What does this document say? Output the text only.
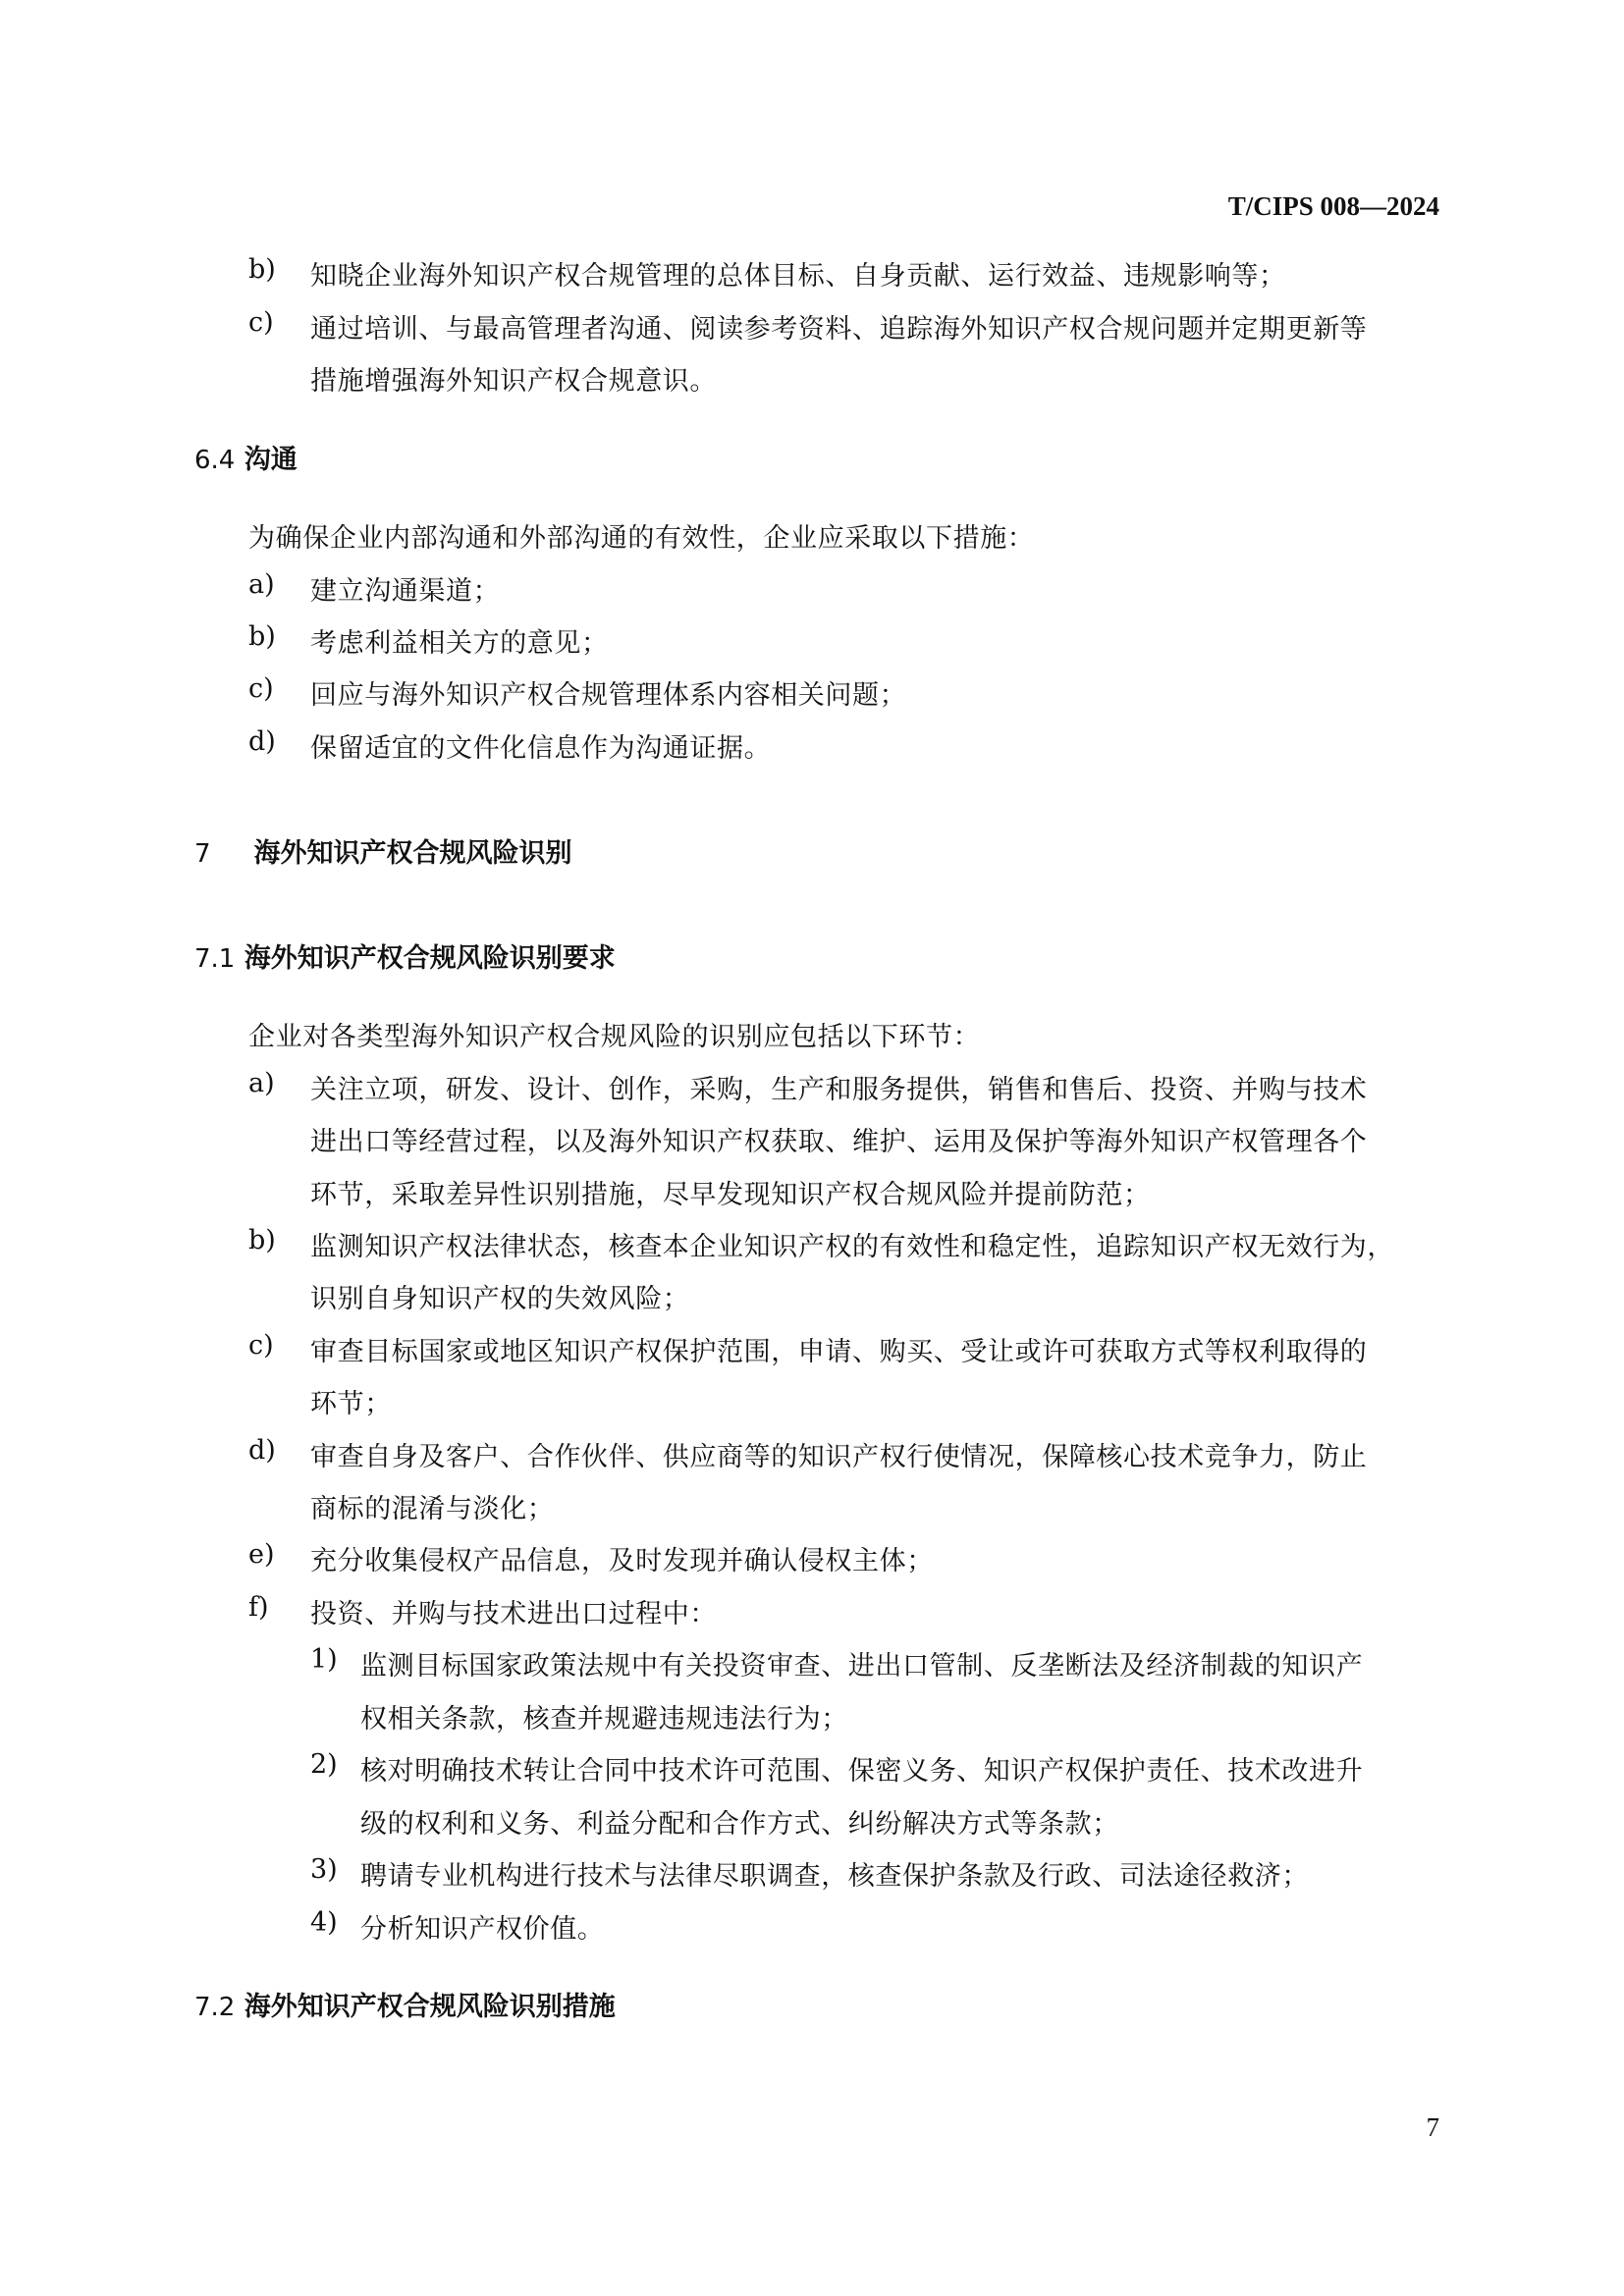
T/CIPS 008—2024
b) 知晓企业海外知识产权合规管理的总体目标、自身贡献、运行效益、违规影响等；
c) 通过培训、与最高管理者沟通、阅读参考资料、追踪海外知识产权合规问题并定期更新等
措施增强海外知识产权合规意识。
6.4 沟通
为确保企业内部沟通和外部沟通的有效性，企业应采取以下措施：
a) 建立沟通渠道；
b) 考虑利益相关方的意见；
c) 回应与海外知识产权合规管理体系内容相关问题；
d) 保留适宜的文件化信息作为沟通证据。
7 海外知识产权合规风险识别
7.1 海外知识产权合规风险识别要求
企业对各类型海外知识产权合规风险的识别应包括以下环节：
a) 关注立项，研发、设计、创作，采购，生产和服务提供，销售和售后、投资、并购与技术
进出口等经营过程，以及海外知识产权获取、维护、运用及保护等海外知识产权管理各个
环节，采取差异性识别措施，尽早发现知识产权合规风险并提前防范；
b) 监测知识产权法律状态，核查本企业知识产权的有效性和稳定性，追踪知识产权无效行为，
识别自身知识产权的失效风险；
c) 审查目标国家或地区知识产权保护范围，申请、购买、受让或许可获取方式等权利取得的
环节；
d) 审查自身及客户、合作伙伴、供应商等的知识产权行使情况，保障核心技术竞争力，防止
商标的混淆与淡化；
e) 充分收集侵权产品信息，及时发现并确认侵权主体；
f) 投资、并购与技术进出口过程中：
1) 监测目标国家政策法规中有关投资审查、进出口管制、反垄断法及经济制裁的知识产
权相关条款，核查并规避违规违法行为；
2) 核对明确技术转让合同中技术许可范围、保密义务、知识产权保护责任、技术改进升
级的权利和义务、利益分配和合作方式、纠纷解决方式等条款；
3) 聘请专业机构进行技术与法律尽职调查，核查保护条款及行政、司法途径救济；
4) 分析知识产权价值。
7.2 海外知识产权合规风险识别措施
7
